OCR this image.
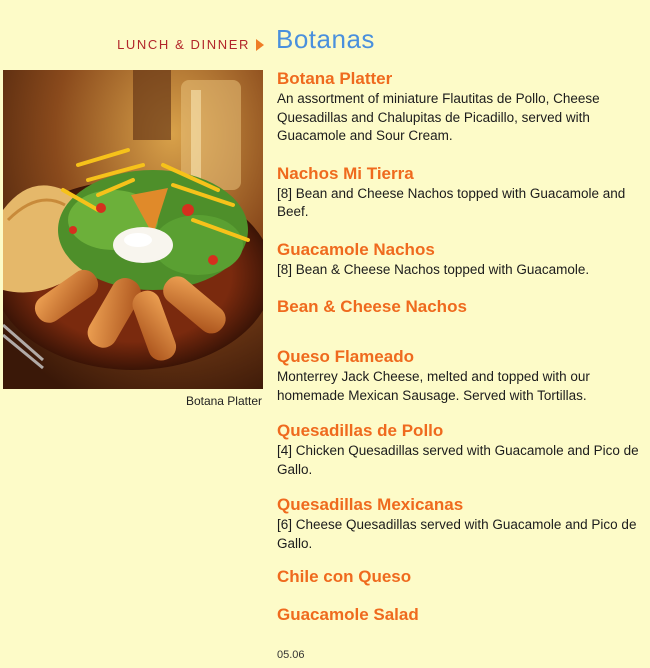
LUNCH & DINNER Botanas
Botana Platter
Botana Platter
An assortment of miniature Flautitas de Pollo, Cheese Quesadillas and Chalupitas de Picadillo, served with Guacamole and Sour Cream.
Nachos Mi Tierra
[8] Bean and Cheese Nachos topped with Guacamole and Beef.
Guacamole Nachos
[8] Bean & Cheese Nachos topped with Guacamole.
Bean & Cheese Nachos
Queso Flameado
Monterrey Jack Cheese, melted and topped with our homemade Mexican Sausage. Served with Tortillas.
Quesadillas de Pollo
[4] Chicken Quesadillas served with Guacamole and Pico de Gallo.
Quesadillas Mexicanas
[6] Cheese Quesadillas served with Guacamole and Pico de Gallo.
Chile con Queso
Guacamole Salad
05.06
